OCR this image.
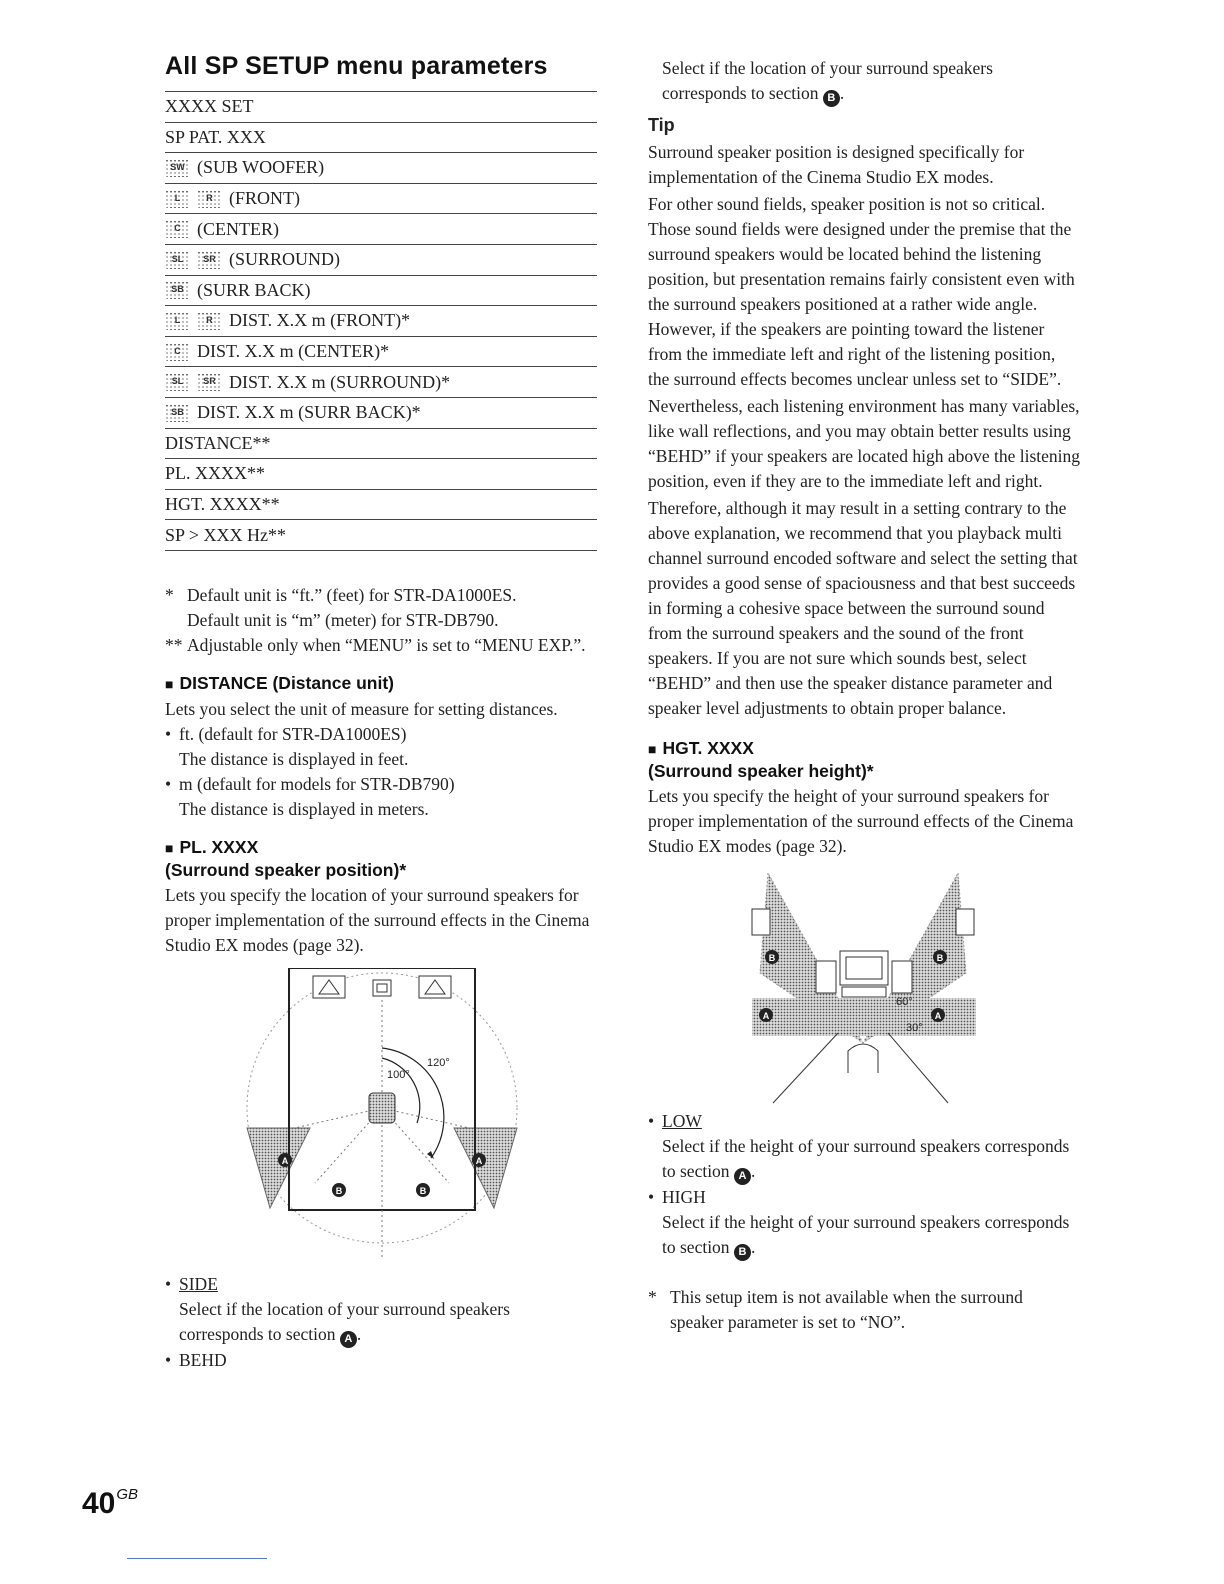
All SP SETUP menu parameters
XXXX SET
SP PAT. XXX
SW (SUB WOOFER)
L	R (FRONT)
C (CENTER)
SL	SR (SURROUND)
SB (SURR BACK)
L	R DIST. X.X m (FRONT)*
C DIST. X.X m (CENTER)*
SL	SR DIST. X.X m (SURROUND)*
SB DIST. X.X m (SURR BACK)*
DISTANCE**
PL. XXXX**
HGT. XXXX**
SP > XXX Hz**
* Default unit is “ft.” (feet) for STR-DA1000ES.
Default unit is “m” (meter) for STR-DB790.
** Adjustable only when “MENU” is set to “MENU EXP.”.
■ DISTANCE (Distance unit)

Lets you select the unit of measure for setting distances.

• ft. (default for STR-DA1000ES)

The distance is displayed in feet.

• m (default for models for STR-DB790)

The distance is displayed in meters.

■ PL. XXXX
(Surround speaker position)*

Lets you specify the location of your surround speakers for proper implementation of the surround effects in the Cinema Studio EX modes (page 32).

100°
120°
A	A
B	B

• SIDE

Select if the location of your surround speakers corresponds to section A .

• BEHD

Select if the location of your surround speakers corresponds to section B .

Tip

Surround speaker position is designed specifically for implementation of the Cinema Studio EX modes.

For other sound fields, speaker position is not so critical. Those sound fields were designed under the premise that the surround speakers would be located behind the listening position, but presentation remains fairly consistent even with the surround speakers positioned at a rather wide angle. However, if the speakers are pointing toward the listener from the immediate left and right of the listening position, the surround effects becomes unclear unless set to “SIDE”.

Nevertheless, each listening environment has many variables, like wall reflections, and you may obtain better results using “BEHD” if your speakers are located high above the listening position, even if they are to the immediate left and right.

Therefore, although it may result in a setting contrary to the above explanation, we recommend that you playback multi channel surround encoded software and select the setting that provides a good sense of spaciousness and that best succeeds in forming a cohesive space between the surround sound from the surround speakers and the sound of the front speakers. If you are not sure which sounds best, select “BEHD” and then use the speaker distance parameter and speaker level adjustments to obtain proper balance.

■ HGT. XXXX
(Surround speaker height)*

Lets you specify the height of your surround speakers for proper implementation of the surround effects of the Cinema Studio EX modes (page 32).

60°
30°
B	B
A	A

• LOW

Select if the height of your surround speakers corresponds to section A .

• HIGH

Select if the height of your surround speakers corresponds to section B .

* This setup item is not available when the surround speaker parameter is set to “NO”.
$40^{GB}$
